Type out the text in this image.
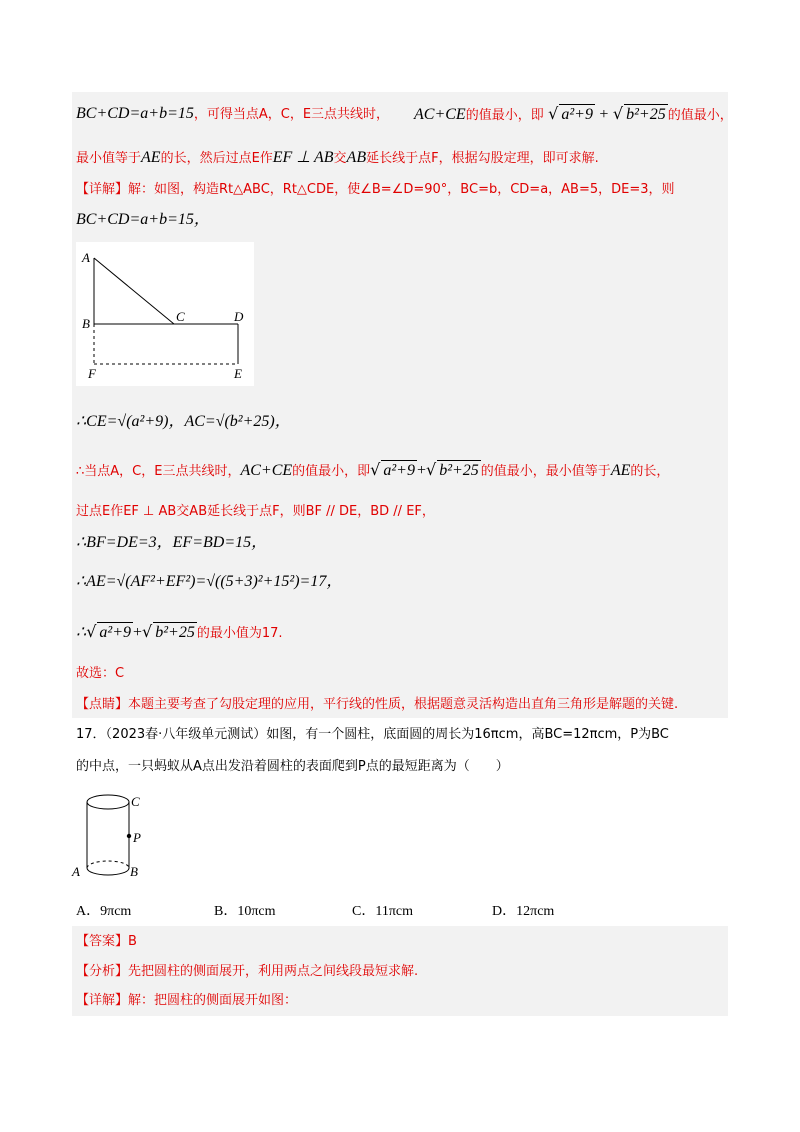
BC+CD=a+b=15，可得当点A，C，E三点共线时， AC+CE的值最小，即 √ a²+9 + √ b²+25 的值最小，
最小值等于AE的长，然后过点E作EF ⊥ AB交AB延长线于点F，根据勾股定理，即可求解.
【详解】解：如图，构造Rt△ABC，Rt△CDE，使∠B=∠D=90°，BC=b，CD=a，AB=5，DE=3，则
BC+CD=a+b=15，
A
B	C	D
E
F
∴CE=√(a²+9)，AC=√(b²+25)，
∴当点A，C，E三点共线时，AC+CE的值最小，即√ a²+9 +√ b²+25 的值最小，最小值等于AE的长，
过点E作EF ⊥ AB交AB延长线于点F，则BF // DE，BD // EF，
∴BF=DE=3，EF=BD=15，
∴AE=√(AF²+EF²)=√((5+3)²+15²)=17，
∴√ a²+9 +√ b²+25 的最小值为17.
故选：C
【点睛】本题主要考查了勾股定理的应用，平行线的性质，根据题意灵活构造出直角三角形是解题的关键.
17．（2023春·八年级单元测试）如图，有一个圆柱，底面圆的周长为16πcm，高BC=12πcm，P为BC
的中点，一只蚂蚁从A点出发沿着圆柱的表面爬到P点的最短距离为（　　）
C
P
A	B
A．9πcm	B．10πcm	C．11πcm	D．12πcm
【答案】B
【分析】先把圆柱的侧面展开，利用两点之间线段最短求解.
【详解】解：把圆柱的侧面展开如图：
